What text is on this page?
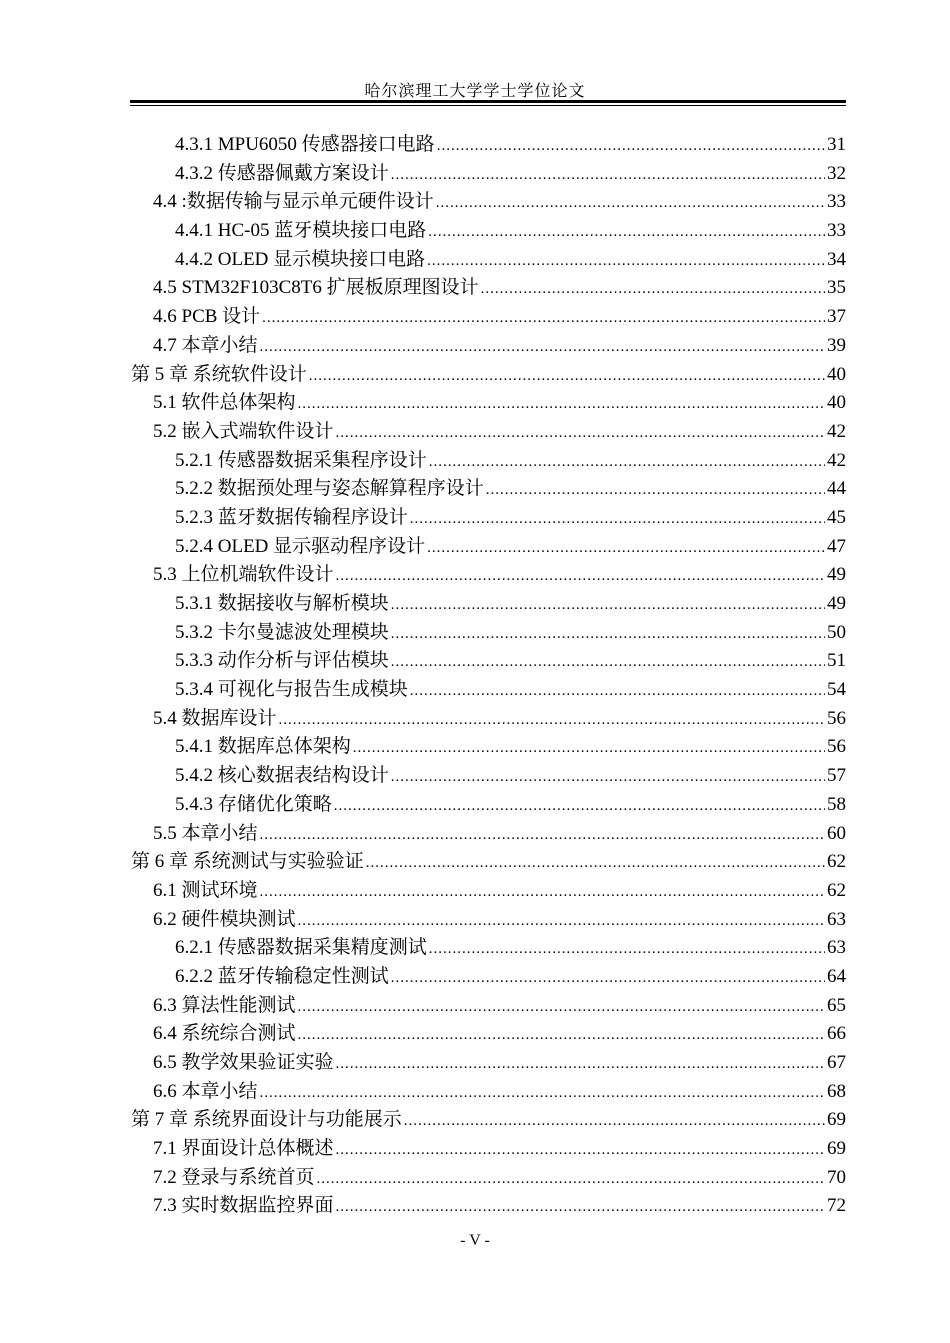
哈尔滨理工大学学士学位论文
4.3.1 MPU6050 传感器接口电路 .....	31
4.3.2 传感器佩戴方案设计 .....	32
4.4 :数据传输与显示单元硬件设计 .....	33
4.4.1 HC-05 蓝牙模块接口电路 .....	33
4.4.2 OLED 显示模块接口电路 .....	34
4.5 STM32F103C8T6 扩展板原理图设计 .....	35
4.6 PCB 设计 .....	37
4.7 本章小结 .....	39
第 5 章 系统软件设计 .....	40
5.1 软件总体架构 .....	40
5.2 嵌入式端软件设计 .....	42
5.2.1 传感器数据采集程序设计 .....	42
5.2.2 数据预处理与姿态解算程序设计 .....	44
5.2.3 蓝牙数据传输程序设计 .....	45
5.2.4 OLED 显示驱动程序设计 .....	47
5.3 上位机端软件设计 .....	49
5.3.1 数据接收与解析模块 .....	49
5.3.2 卡尔曼滤波处理模块 .....	50
5.3.3 动作分析与评估模块 .....	51
5.3.4 可视化与报告生成模块 .....	54
5.4 数据库设计 .....	56
5.4.1 数据库总体架构 .....	56
5.4.2 核心数据表结构设计 .....	57
5.4.3 存储优化策略 .....	58
5.5 本章小结 .....	60
第 6 章 系统测试与实验验证 .....	62
6.1 测试环境 .....	62
6.2 硬件模块测试 .....	63
6.2.1 传感器数据采集精度测试 .....	63
6.2.2 蓝牙传输稳定性测试 .....	64
6.3 算法性能测试 .....	65
6.4 系统综合测试 .....	66
6.5 教学效果验证实验 .....	67
6.6 本章小结 .....	68
第 7 章 系统界面设计与功能展示 .....	69
7.1 界面设计总体概述 .....	69
7.2 登录与系统首页 .....	70
7.3 实时数据监控界面 .....	72
- V -
